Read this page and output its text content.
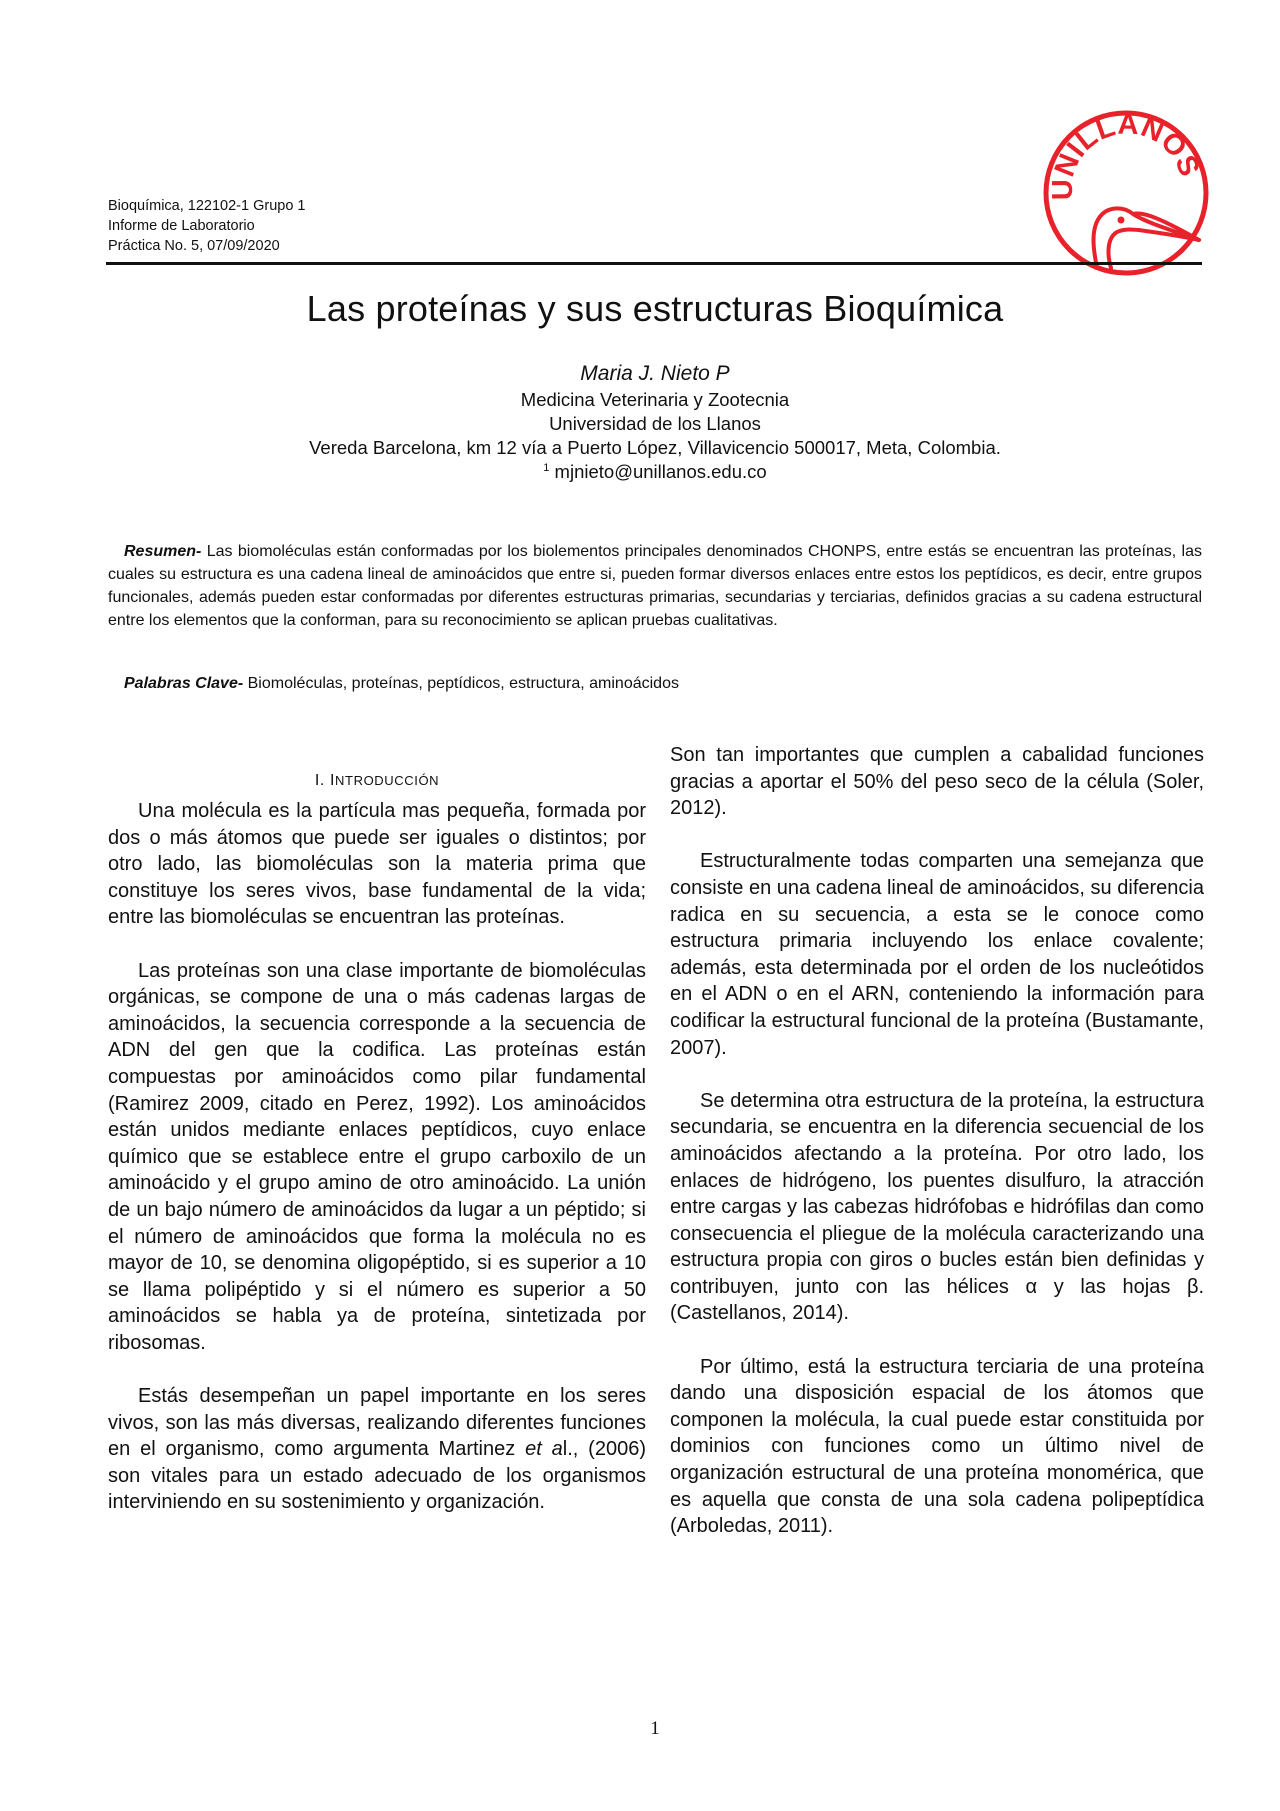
Bioquímica, 122102-1 Grupo 1
Informe de Laboratorio
Práctica No. 5, 07/09/2020
UNILLANOS
Las proteínas y sus estructuras Bioquímica
Maria J. Nieto P
Medicina Veterinaria y Zootecnia
Universidad de los Llanos
Vereda Barcelona, km 12 vía a Puerto López, Villavicencio 500017, Meta, Colombia.
$^1$ mjnieto@unillanos.edu.co
Resumen- Las biomoléculas están conformadas por los biolementos principales denominados CHONPS, entre estás se encuentran las proteínas, las cuales su estructura es una cadena lineal de aminoácidos que entre si, pueden formar diversos enlaces entre estos los peptídicos, es decir, entre grupos funcionales, además pueden estar conformadas por diferentes estructuras primarias, secundarias y terciarias, definidos gracias a su cadena estructural entre los elementos que la conforman, para su reconocimiento se aplican pruebas cualitativas.
Palabras Clave- Biomoléculas, proteínas, peptídicos, estructura, aminoácidos
I. INTRODUCCIÓN

Una molécula es la partícula mas pequeña, formada por dos o más átomos que puede ser iguales o distintos; por otro lado, las biomoléculas son la materia prima que constituye los seres vivos, base fundamental de la vida; entre las biomoléculas se encuentran las proteínas.

Las proteínas son una clase importante de biomoléculas orgánicas, se compone de una o más cadenas largas de aminoácidos, la secuencia corresponde a la secuencia de ADN del gen que la codifica. Las proteínas están compuestas por aminoácidos como pilar fundamental (Ramirez 2009, citado en Perez, 1992). Los aminoácidos están unidos mediante enlaces peptídicos, cuyo enlace químico que se establece entre el grupo carboxilo de un aminoácido y el grupo amino de otro aminoácido. La unión de un bajo número de aminoácidos da lugar a un péptido; si el número de aminoácidos que forma la molécula no es mayor de 10, se denomina oligopéptido, si es superior a 10 se llama polipéptido y si el número es superior a 50 aminoácidos se habla ya de proteína, sintetizada por ribosomas.

Estás desempeñan un papel importante en los seres vivos, son las más diversas, realizando diferentes funciones en el organismo, como argumenta Martinez et al., (2006) son vitales para un estado adecuado de los organismos interviniendo en su sostenimiento y organización.

Son tan importantes que cumplen a cabalidad funciones gracias a aportar el 50% del peso seco de la célula (Soler, 2012).

Estructuralmente todas comparten una semejanza que consiste en una cadena lineal de aminoácidos, su diferencia radica en su secuencia, a esta se le conoce como estructura primaria incluyendo los enlace covalente; además, esta determinada por el orden de los nucleótidos en el ADN o en el ARN, conteniendo la información para codificar la estructural funcional de la proteína (Bustamante, 2007).

Se determina otra estructura de la proteína, la estructura secundaria, se encuentra en la diferencia secuencial de los aminoácidos afectando a la proteína. Por otro lado, los enlaces de hidrógeno, los puentes disulfuro, la atracción entre cargas y las cabezas hidrófobas e hidrófilas dan como consecuencia el pliegue de la molécula caracterizando una estructura propia con giros o bucles están bien definidas y contribuyen, junto con las hélices α y las hojas β. (Castellanos, 2014).

Por último, está la estructura terciaria de una proteína dando una disposición espacial de los átomos que componen la molécula, la cual puede estar constituida por dominios con funciones como un último nivel de organización estructural de una proteína monomérica, que es aquella que consta de una sola cadena polipeptídica (Arboledas, 2011).

1
